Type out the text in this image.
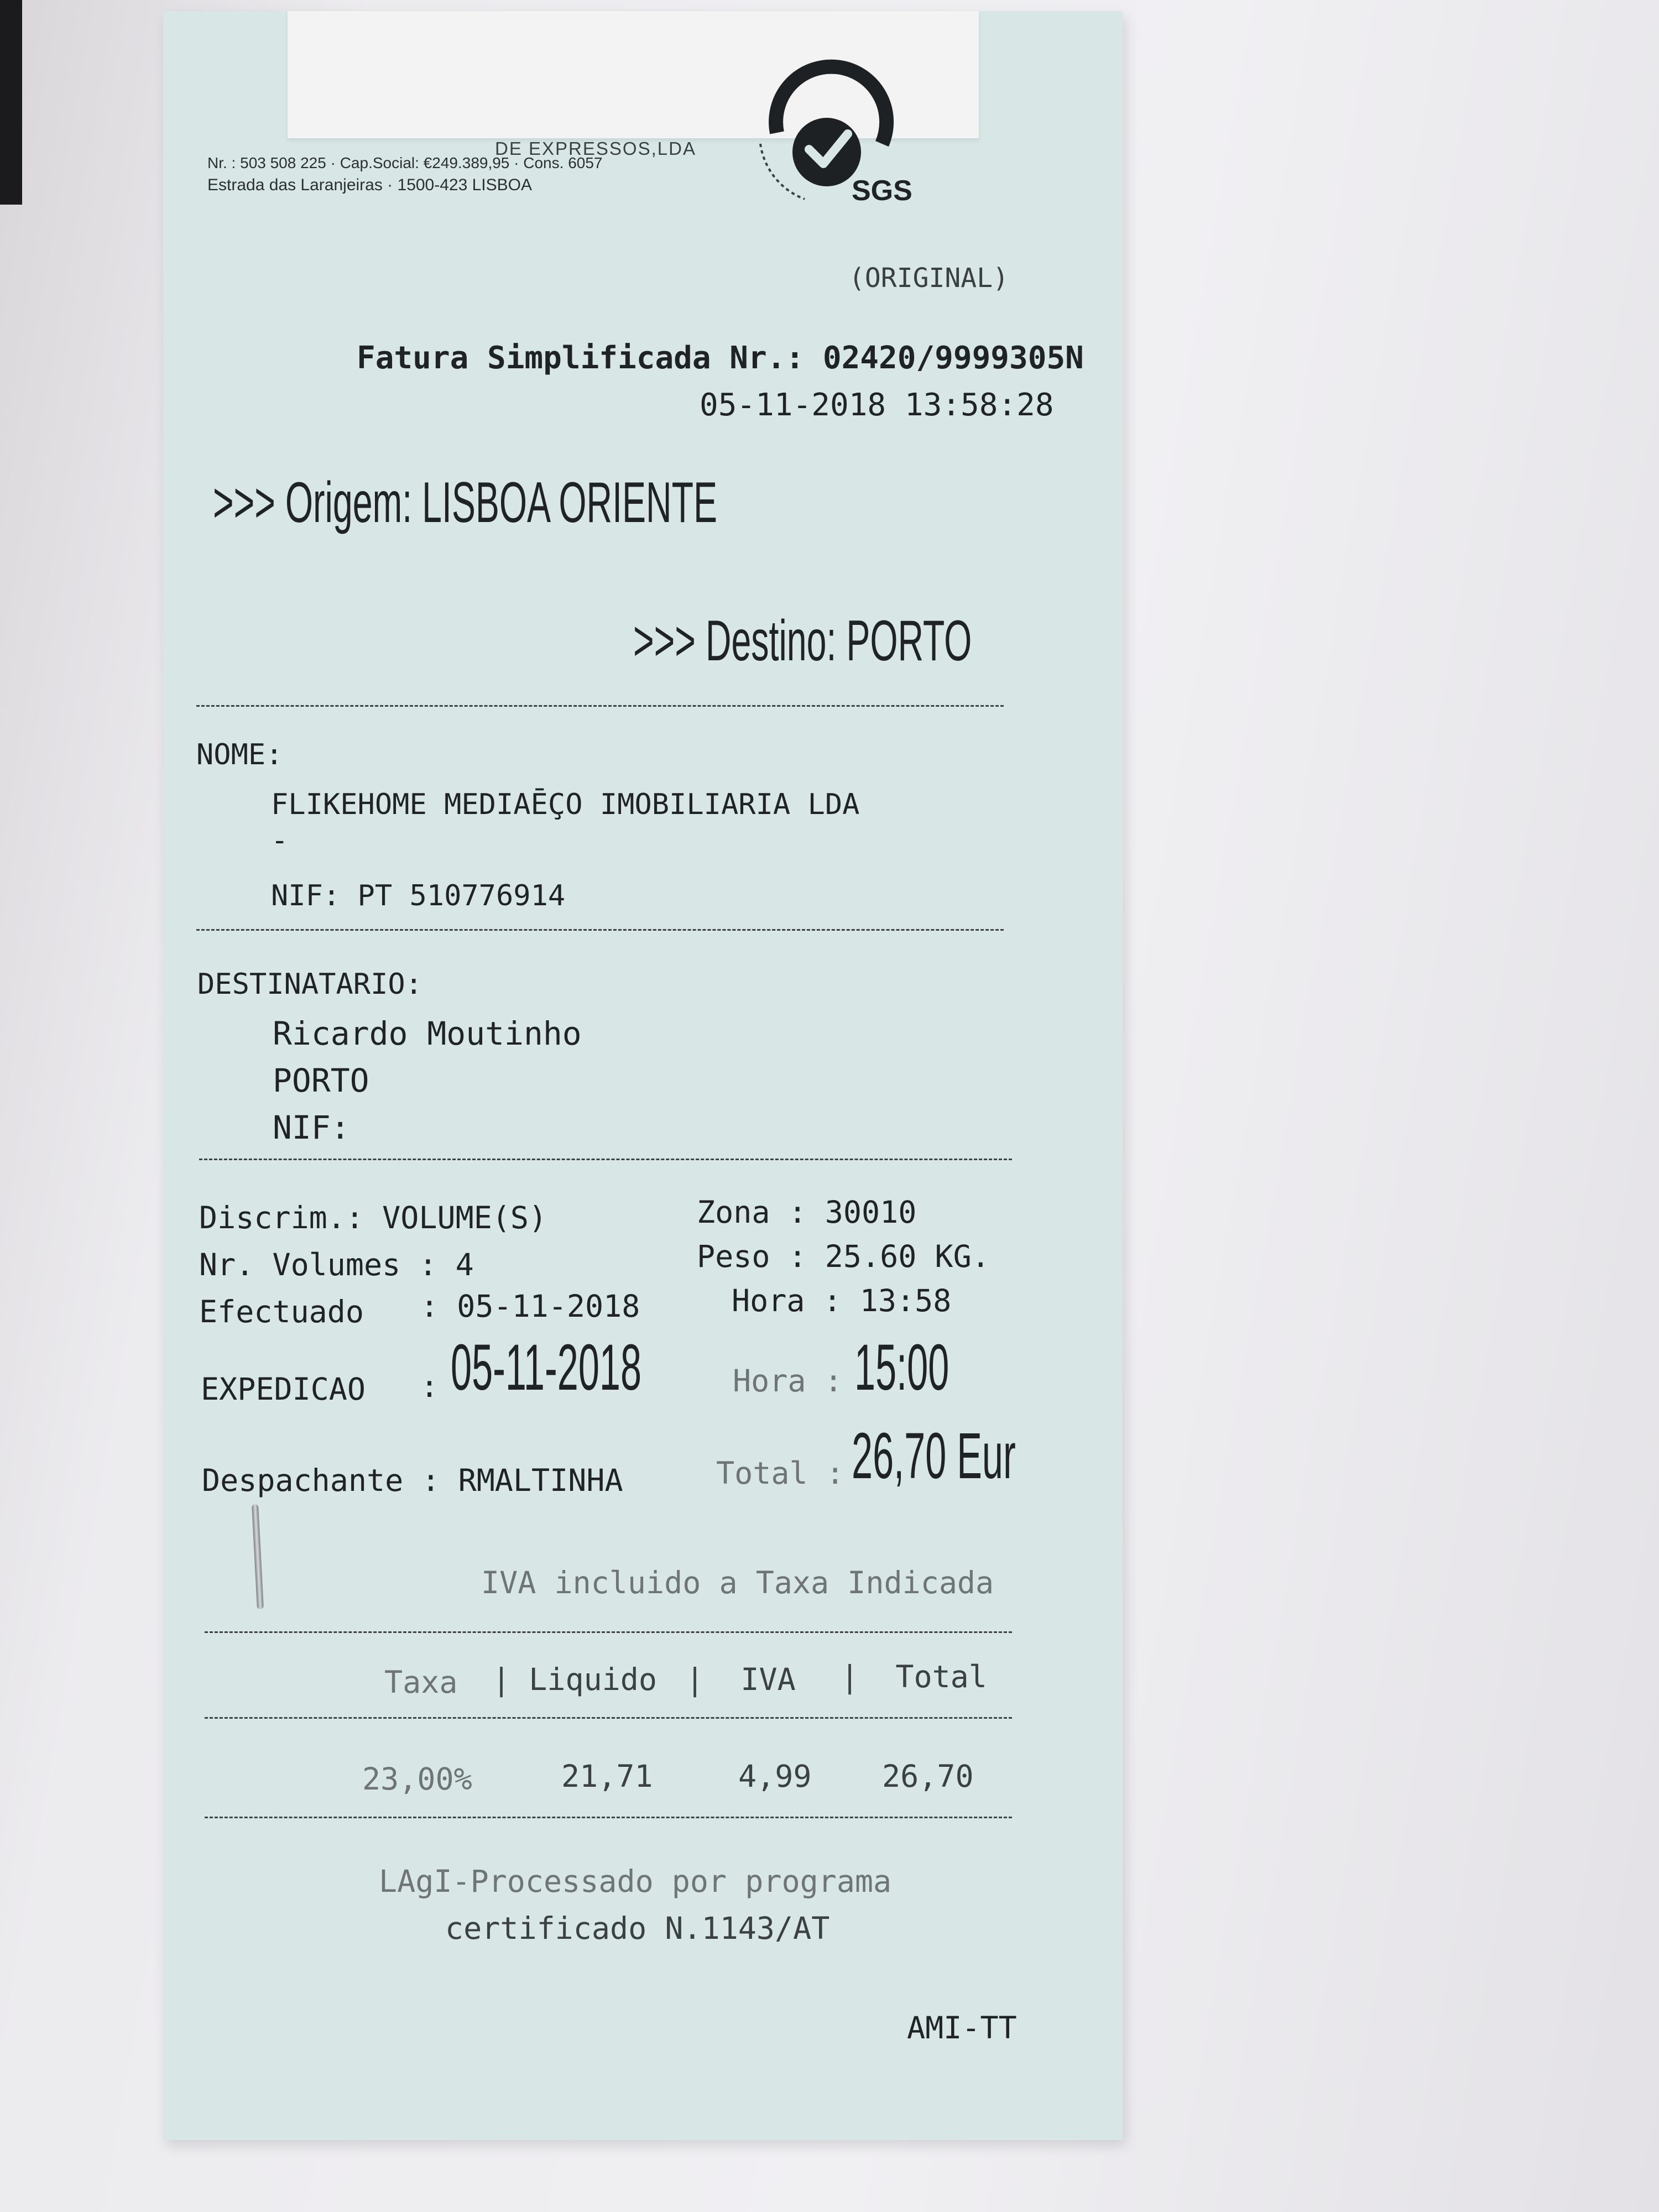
DE EXPRESSOS,LDA
Nr. : 503 508 225 · Cap.Social: €249.389,95 · Cons. 6057
Estrada das Laranjeiras · 1500-423 LISBOA	SGS
(ORIGINAL)
Fatura Simplificada Nr.: 02420/9999305N
05-11-2018 13:58:28
>>> Origem: LISBOA ORIENTE
>>> Destino: PORTO
NOME:
FLIKEHOME MEDIAĒÇO IMOBILIARIA LDA
-
NIF: PT 510776914
DESTINATARIO:
Ricardo Moutinho
PORTO
NIF:
Discrim.: VOLUME(S)	Zona : 30010
Nr. Volumes : 4	Peso : 25.60 KG.
Efectuado : 05-11-2018	Hora : 13:58
EXPEDICAO : 05-11-2018	Hora : 15:00
Despachante : RMALTINHA	Total : 26,70 Eur
IVA incluido a Taxa Indicada
Taxa | Liquido |  IVA |  Total
23,00%	21,71	4,99 26,70
LAgI-Processado por programa
certificado N.1143/AT
AMI-TT
